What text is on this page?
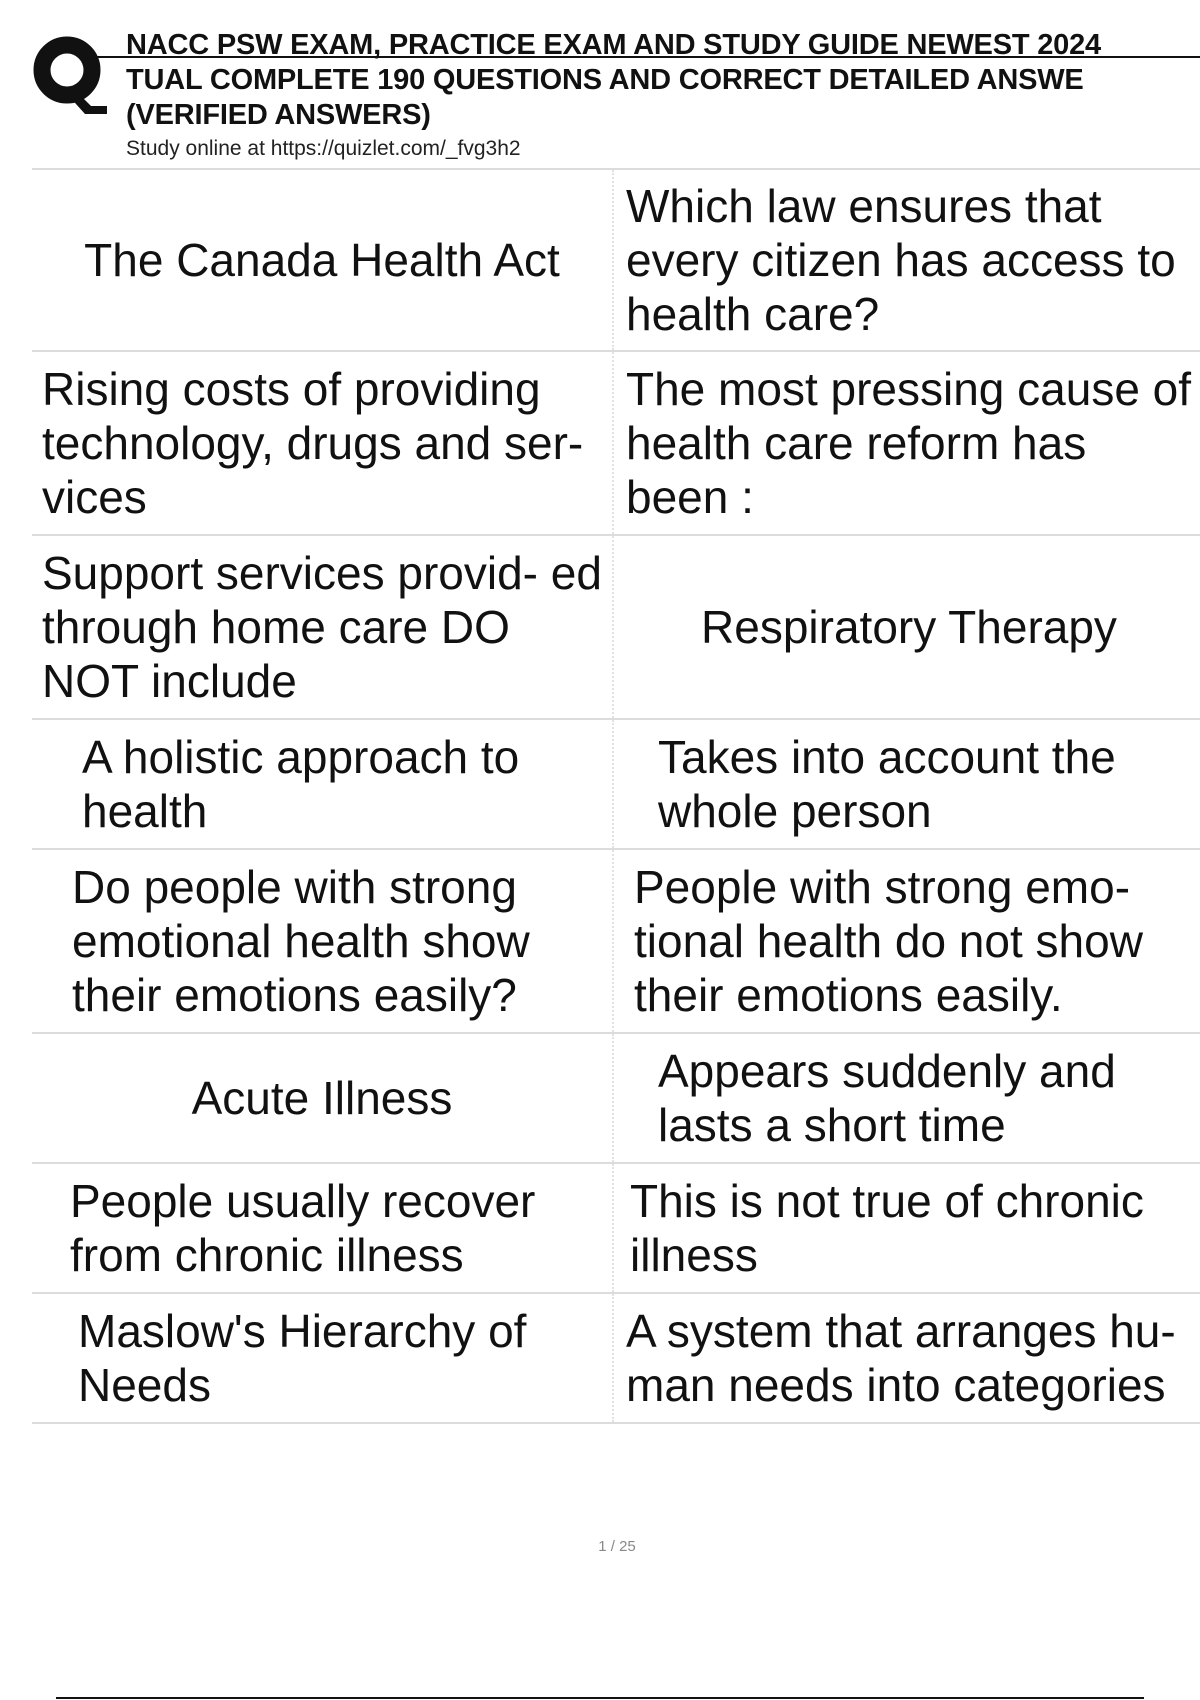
NACC PSW EXAM, PRACTICE EXAM AND STUDY GUIDE NEWEST 2024
TUAL COMPLETE 190 QUESTIONS AND CORRECT DETAILED ANSWE
(VERIFIED ANSWERS)
Study online at https://quizlet.com/_fvg3h2
The Canada Health Act
Which law ensures that every citizen has access to health care?
Rising costs of providing technology, drugs and ser- vices
The most pressing cause of health care reform has been :
Support services provid- ed through home care DO NOT include
Respiratory Therapy
A holistic approach to health
Takes into account the whole person
Do people with strong emotional health show their emotions easily?
People with strong emo- tional health do not show their emotions easily.
Acute Illness
Appears suddenly and lasts a short time
People usually recover from chronic illness
This is not true of chronic illness
Maslow's Hierarchy of Needs
A system that arranges hu- man needs into categories
1 / 25
